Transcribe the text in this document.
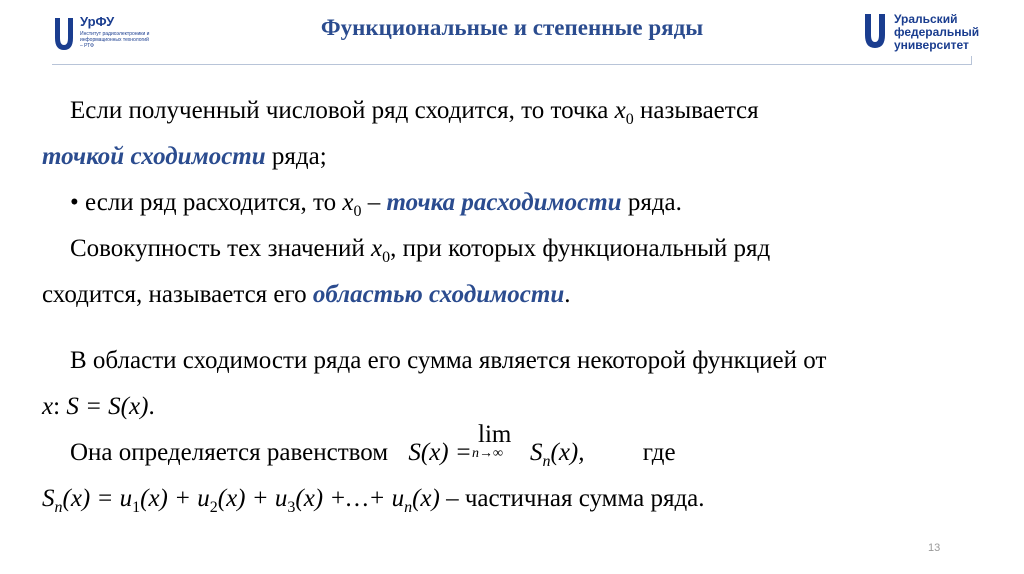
УрФУ
Институт радиоэлектроники и информационных технологий – РТФ
Функциональные и степенные ряды	Уральский
федеральный
университет
Если полученный числовой ряд сходится, то точка $x_0$ называется
точкой сходимости ряда;
• если ряд расходится, то $x_0$ – точка расходимости ряда.
Совокупность тех значений $x_0$, при которых функциональный ряд
сходится, называется его областью сходимости.
В области сходимости ряда его сумма является некоторой функцией от
x: S = S(x).
Она определяется равенством S(x) =
lim
n→∞ $S_n(x)$, где
$S_n(x) = u_1(x) + u_2(x) + u_3(x)$ +…+ $u_n(x)$ – частичная сумма ряда.
13
